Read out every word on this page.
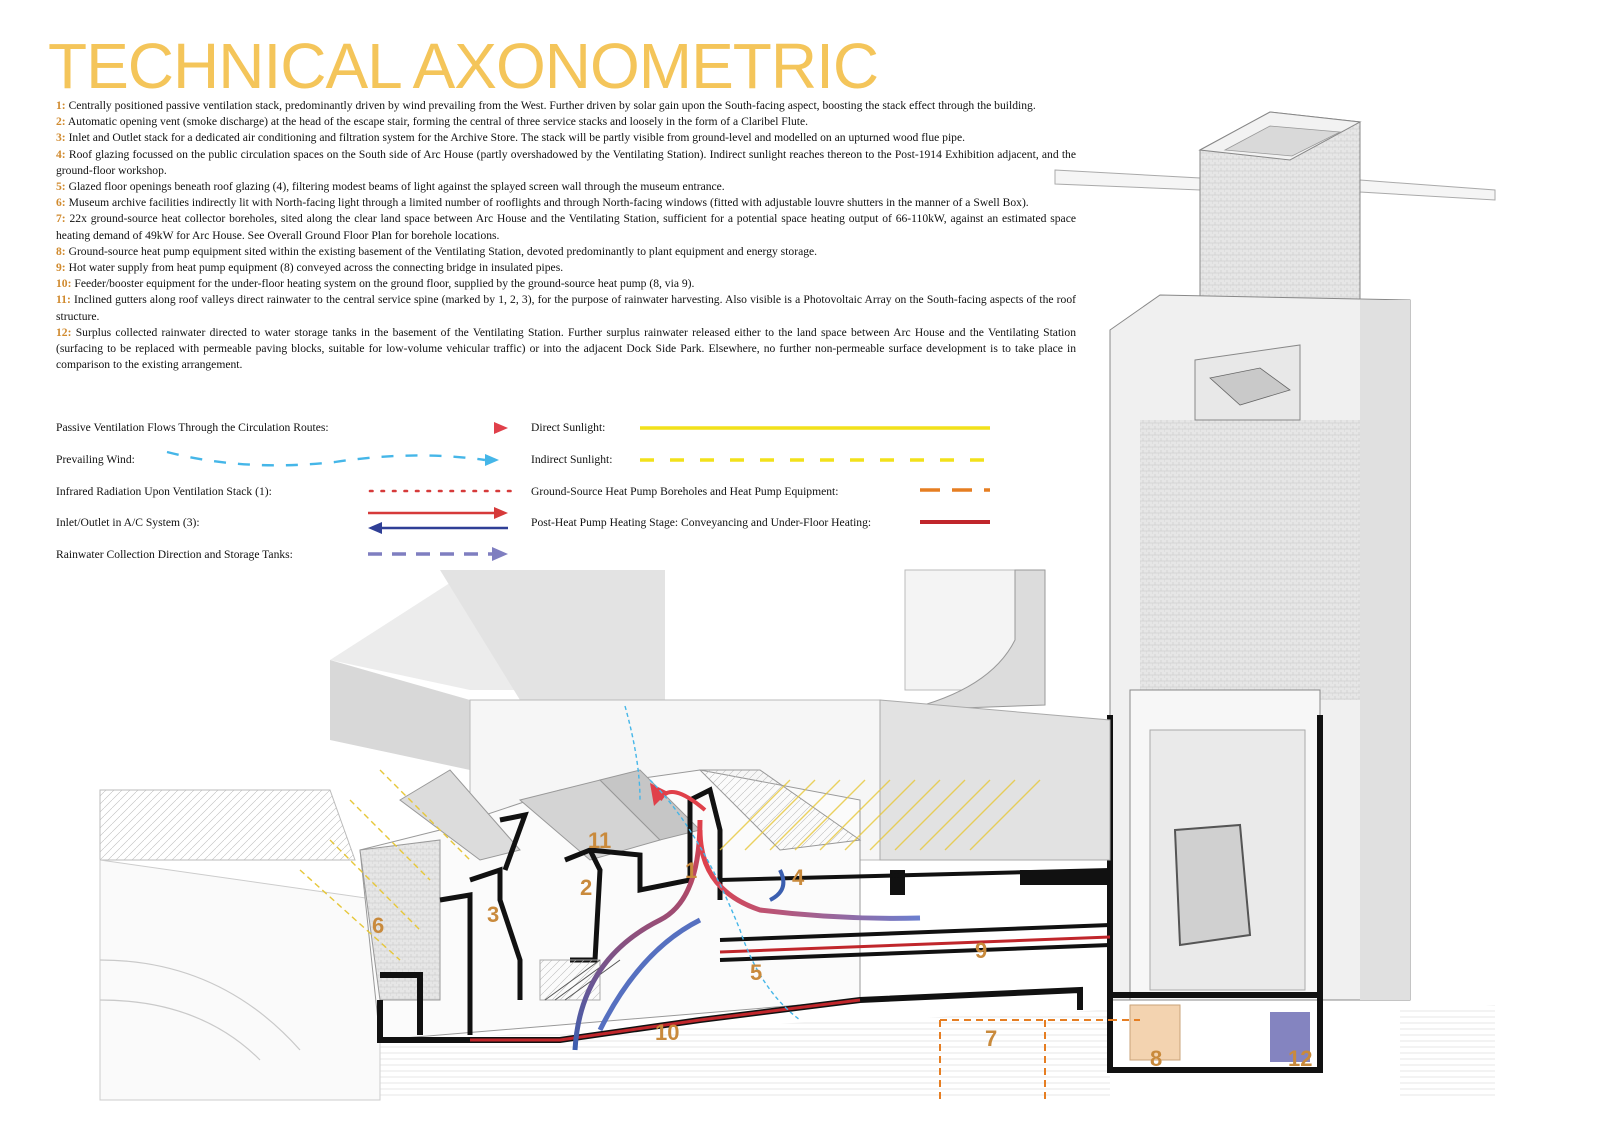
TECHNICAL AXONOMETRIC

1: Centrally positioned passive ventilation stack, predominantly driven by wind prevailing from the West. Further driven by solar gain upon the South-facing aspect, boosting the stack effect through the building.

2: Automatic opening vent (smoke discharge) at the head of the escape stair, forming the central of three service stacks and loosely in the form of a Claribel Flute.

3: Inlet and Outlet stack for a dedicated air conditioning and filtration system for the Archive Store. The stack will be partly visible from ground-level and modelled on an upturned wood flue pipe.

4: Roof glazing focussed on the public circulation spaces on the South side of Arc House (partly overshadowed by the Ventilating Station). Indirect sunlight reaches thereon to the Post-1914 Exhibition adjacent, and the ground-floor workshop.

5: Glazed floor openings beneath roof glazing (4), filtering modest beams of light against the splayed screen wall through the museum entrance.

6: Museum archive facilities indirectly lit with North-facing light through a limited number of rooflights and through North-facing windows (fitted with adjustable louvre shutters in the manner of a Swell Box).

7: 22x ground-source heat collector boreholes, sited along the clear land space between Arc House and the Ventilating Station, sufficient for a potential space heating output of 66-110kW, against an estimated space heating demand of 49kW for Arc House. See Overall Ground Floor Plan for borehole locations.

8: Ground-source heat pump equipment sited within the existing basement of the Ventilating Station, devoted predominantly to plant equipment and energy storage.

9: Hot water supply from heat pump equipment (8) conveyed across the connecting bridge in insulated pipes.

10: Feeder/booster equipment for the under-floor heating system on the ground floor, supplied by the ground-source heat pump (8, via 9).

11: Inclined gutters along roof valleys direct rainwater to the central service spine (marked by 1, 2, 3), for the purpose of rainwater harvesting. Also visible is a Photovoltaic Array on the South-facing aspects of the roof structure.

12: Surplus collected rainwater directed to water storage tanks in the basement of the Ventilating Station. Further surplus rainwater released either to the land space between Arc House and the Ventilating Station (surfacing to be replaced with permeable paving blocks, suitable for low-volume vehicular traffic) or into the adjacent Dock Side Park. Elsewhere, no further non-permeable surface development is to take place in comparison to the existing arrangement.

1
2
3
4
5
6
7
8
9
10
11
12
Passive Ventilation Flows Through the Circulation Routes:
Prevailing Wind:
Infrared Radiation Upon Ventilation Stack (1):
Inlet/Outlet in A/C System (3):
Rainwater Collection Direction and Storage Tanks:
Direct Sunlight:
Indirect Sunlight:
Ground-Source Heat Pump Boreholes and Heat Pump Equipment:
Post-Heat Pump Heating Stage: Conveyancing and Under-Floor Heating:
